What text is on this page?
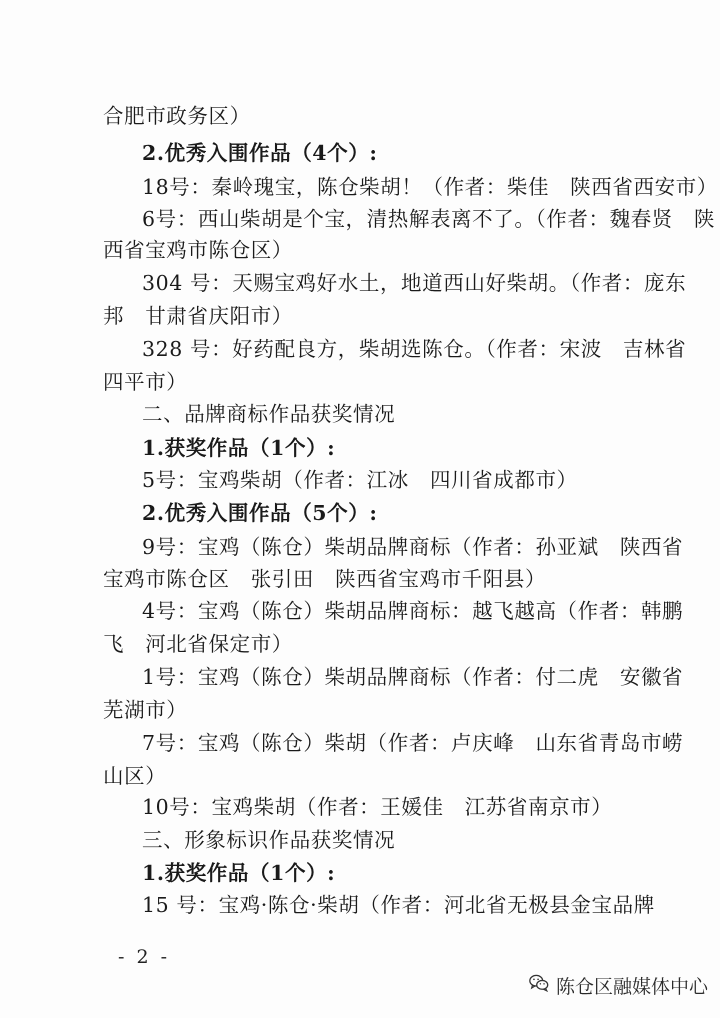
合肥市政务区）
2.优秀入围作品（4个）:
18号：秦岭瑰宝，陈仓柴胡！（作者：柴佳　陕西省西安市）
6号：西山柴胡是个宝，清热解表离不了。（作者：魏春贤　陕
西省宝鸡市陈仓区）
304 号：天赐宝鸡好水土，地道西山好柴胡。（作者：庞东
邦　甘肃省庆阳市）
328 号：好药配良方，柴胡选陈仓。（作者：宋波　吉林省
四平市）
二、品牌商标作品获奖情况
1.获奖作品（1个）:
5号：宝鸡柴胡（作者：江冰　四川省成都市）
2.优秀入围作品（5个）:
9号：宝鸡（陈仓）柴胡品牌商标（作者：孙亚斌　陕西省
宝鸡市陈仓区　张引田　陕西省宝鸡市千阳县）
4号：宝鸡（陈仓）柴胡品牌商标：越飞越高（作者：韩鹏
飞　河北省保定市）
1号：宝鸡（陈仓）柴胡品牌商标（作者：付二虎　安徽省
芜湖市）
7号：宝鸡（陈仓）柴胡（作者：卢庆峰　山东省青岛市崂
山区）
10号：宝鸡柴胡（作者：王媛佳　江苏省南京市）
三、形象标识作品获奖情况
1.获奖作品（1个）:
15 号：宝鸡·陈仓·柴胡（作者：河北省无极县金宝品牌
- 2 -
陈仓区融媒体中心
